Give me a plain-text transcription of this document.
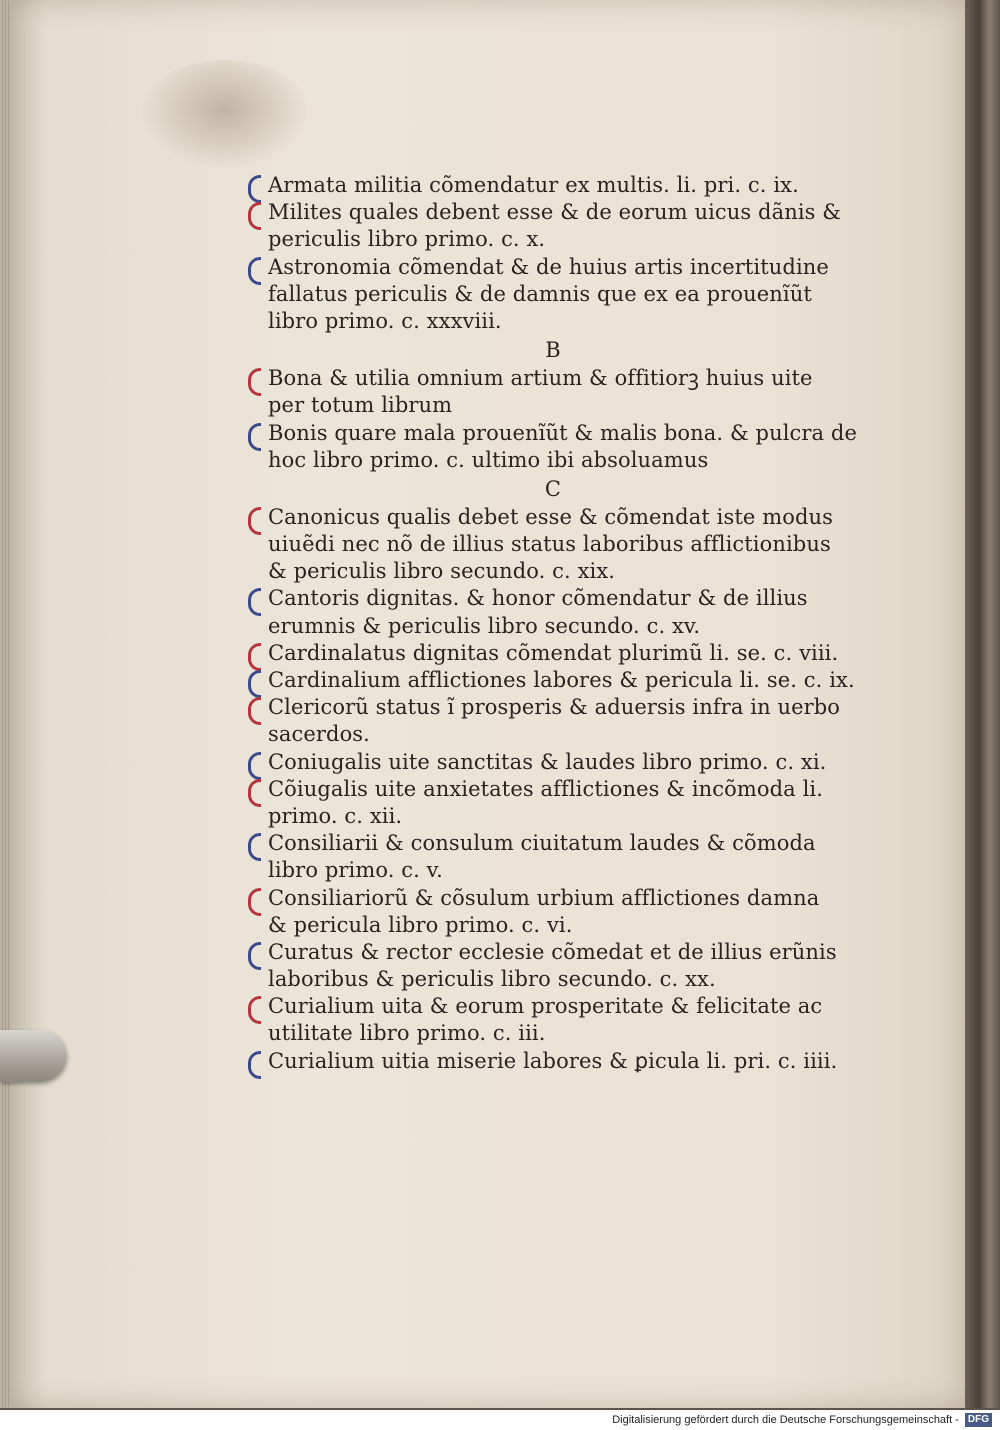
Armata militia cõmendatur ex multis. li. pri. c. ix.
Milites quales debent esse & de eorum uicus dãnis &
periculis libro primo. c. x.
Astronomia cõmendat & de huius artis incertitudine
fallatus periculis & de damnis que ex ea prouenĩũt
libro primo. c. xxxviii.
B
Bona & utilia omnium artium & offitiorꝫ huius uite
per totum librum
Bonis quare mala prouenĩũt & malis bona. & pulcra de
hoc libro primo. c. ultimo ibi absoluamus
C
Canonicus qualis debet esse & cõmendat iste modus
uiuẽdi nec nõ de illius status laboribus afflictionibus
& periculis libro secundo. c. xix.
Cantoris dignitas. & honor cõmendatur & de illius
erumnis & periculis libro secundo. c. xv.
Cardinalatus dignitas cõmendat plurimũ li. se. c. viii.
Cardinalium afflictiones labores & pericula li. se. c. ix.
Clericorũ status ĩ prosperis & aduersis infra in uerbo
sacerdos.
Coniugalis uite sanctitas & laudes libro primo. c. xi.
Cõiugalis uite anxietates afflictiones & incõmoda li.
primo. c. xii.
Consiliarii & consulum ciuitatum laudes & cõmoda
libro primo. c. v.
Consiliariorũ & cõsulum urbium afflictiones damna
& pericula libro primo. c. vi.
Curatus & rector ecclesie cõmedat et de illius erũnis
laboribus & periculis libro secundo. c. xx.
Curialium uita & eorum prosperitate & felicitate ac
utilitate libro primo. c. iii.
Curialium uitia miserie labores & ꝑicula li. pri. c. iiii.
Digitalisierung gefördert durch die Deutsche Forschungsgemeinschaft - DFG
